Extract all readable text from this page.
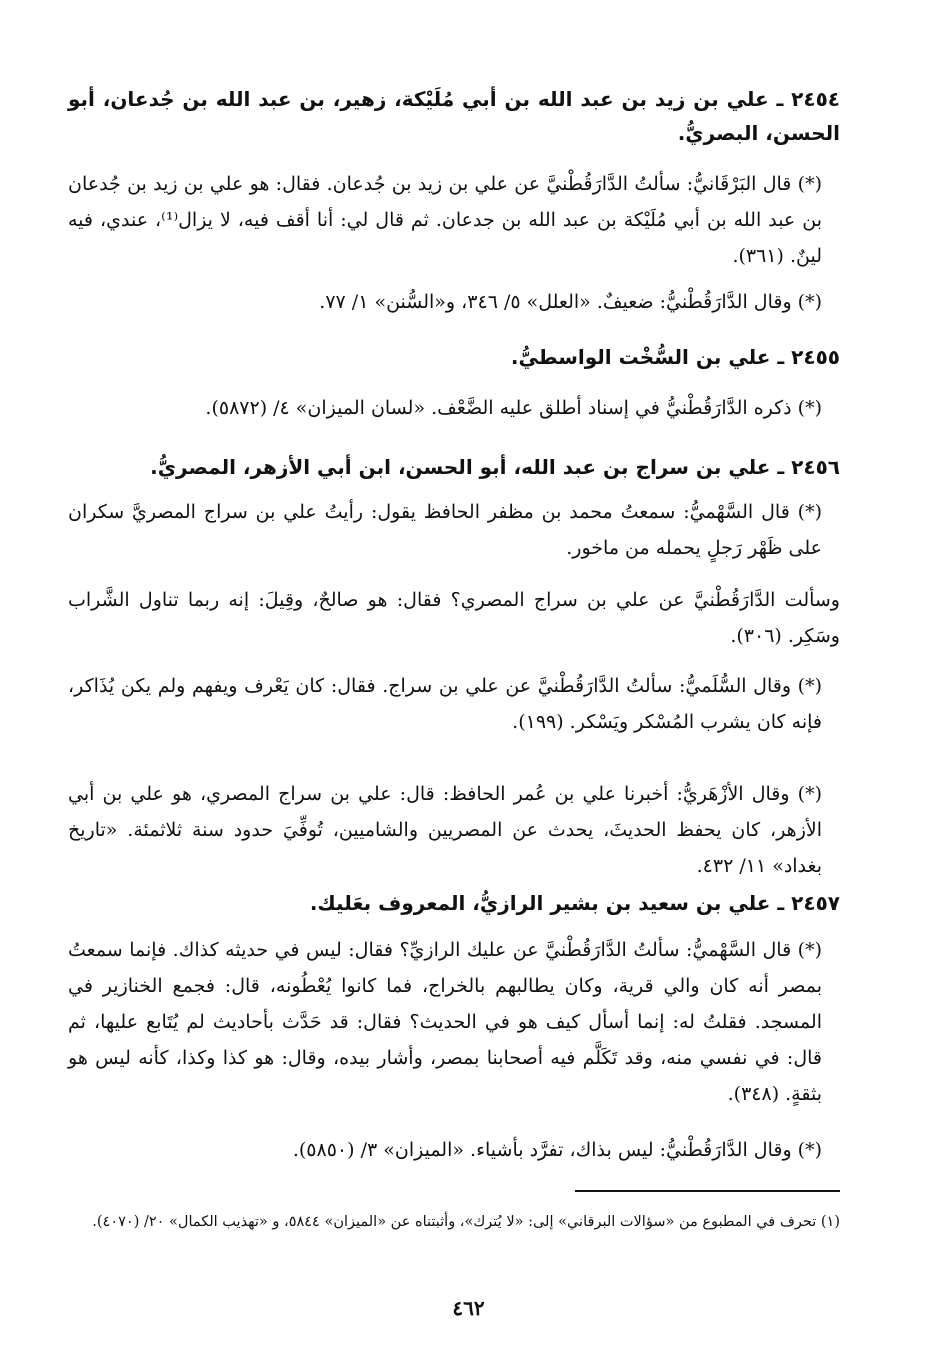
٢٤٥٤ ـ علي بن زيد بن عبد الله بن أبي مُلَيْكة، زهير، بن عبد الله بن جُدعان، أبو الحسن، البصريُّ.
(*) قال البَرْقَانيُّ: سألتُ الدَّارَقُطْنيَّ عن علي بن زيد بن جُدعان. فقال: هو علي بن زيد بن جُدعان بن عبد الله بن أبي مُلَيْكة بن عبد الله بن جدعان. ثم قال لي: أنا أقف فيه، لا يزال⁽¹⁾، عندي، فيه لينٌ. (٣٦١).
(*) وقال الدَّارَقُطْنيُّ: ضعيفٌ. «العلل» ٥/ ٣٤٦، و«السُّنن» ١/ ٧٧.
٢٤٥٥ ـ علي بن السُّخْت الواسطيُّ.
(*) ذكره الدَّارَقُطْنيُّ في إسناد أطلق عليه الضَّعْف. «لسان الميزان» ٤/ (٥٨٧٢).
٢٤٥٦ ـ علي بن سراج بن عبد الله، أبو الحسن، ابن أبي الأزهر، المصريُّ.
(*) قال السَّهْميُّ: سمعتُ محمد بن مظفر الحافظ يقول: رأيتُ علي بن سراج المصريَّ سكران على ظَهْر رَجلٍ يحمله من ماخور.
وسألت الدَّارَقُطْنيَّ عن علي بن سراج المصري؟ فقال: هو صالحٌ، وقِيلَ: إنه ربما تناول الشَّراب وسَكِر. (٣٠٦).
(*) وقال السُّلَميُّ: سألتُ الدَّارَقُطْنيَّ عن علي بن سراج. فقال: كان يَعْرف ويفهم ولم يكن يُذَاكر، فإنه كان يشرب المُسْكر ويَسْكر. (١٩٩).
(*) وقال الأزْهَريُّ: أخبرنا علي بن عُمر الحافظ: قال: علي بن سراج المصري، هو علي بن أبي الأزهر، كان يحفظ الحديثَ، يحدث عن المصريين والشاميين، تُوفِّيَ حدود سنة ثلاثمئة. «تاريخ بغداد» ١١/ ٤٣٢.
٢٤٥٧ ـ علي بن سعيد بن بشير الرازيُّ، المعروف بعَليك.
(*) قال السَّهْميُّ: سألتُ الدَّارَقُطْنيَّ عن عليك الرازيِّ؟ فقال: ليس في حديثه كذاك. فإنما سمعتُ بمصر أنه كان والي قرية، وكان يطالبهم بالخراج، فما كانوا يُعْطُونه، قال: فجمع الخنازير في المسجد. فقلتُ له: إنما أسأل كيف هو في الحديث؟ فقال: قد حَدَّث بأحاديث لم يُتَابع عليها، ثم قال: في نفسي منه، وقد تَكَلَّم فيه أصحابنا بمصر، وأشار بيده، وقال: هو كذا وكذا، كأنه ليس هو بثقةٍ. (٣٤٨).
(*) وقال الدَّارَقُطْنيُّ: ليس بذاك، تفرَّد بأشياء. «الميزان» ٣/ (٥٨٥٠).
(١) تحرف في المطبوع من «سؤالات البرقاني» إلى: «لا يُترك»، وأثبتناه عن «الميزان» ٥٨٤٤، و «تهذيب الكمال» ٢٠/ (٤٠٧٠).
٤٦٢
